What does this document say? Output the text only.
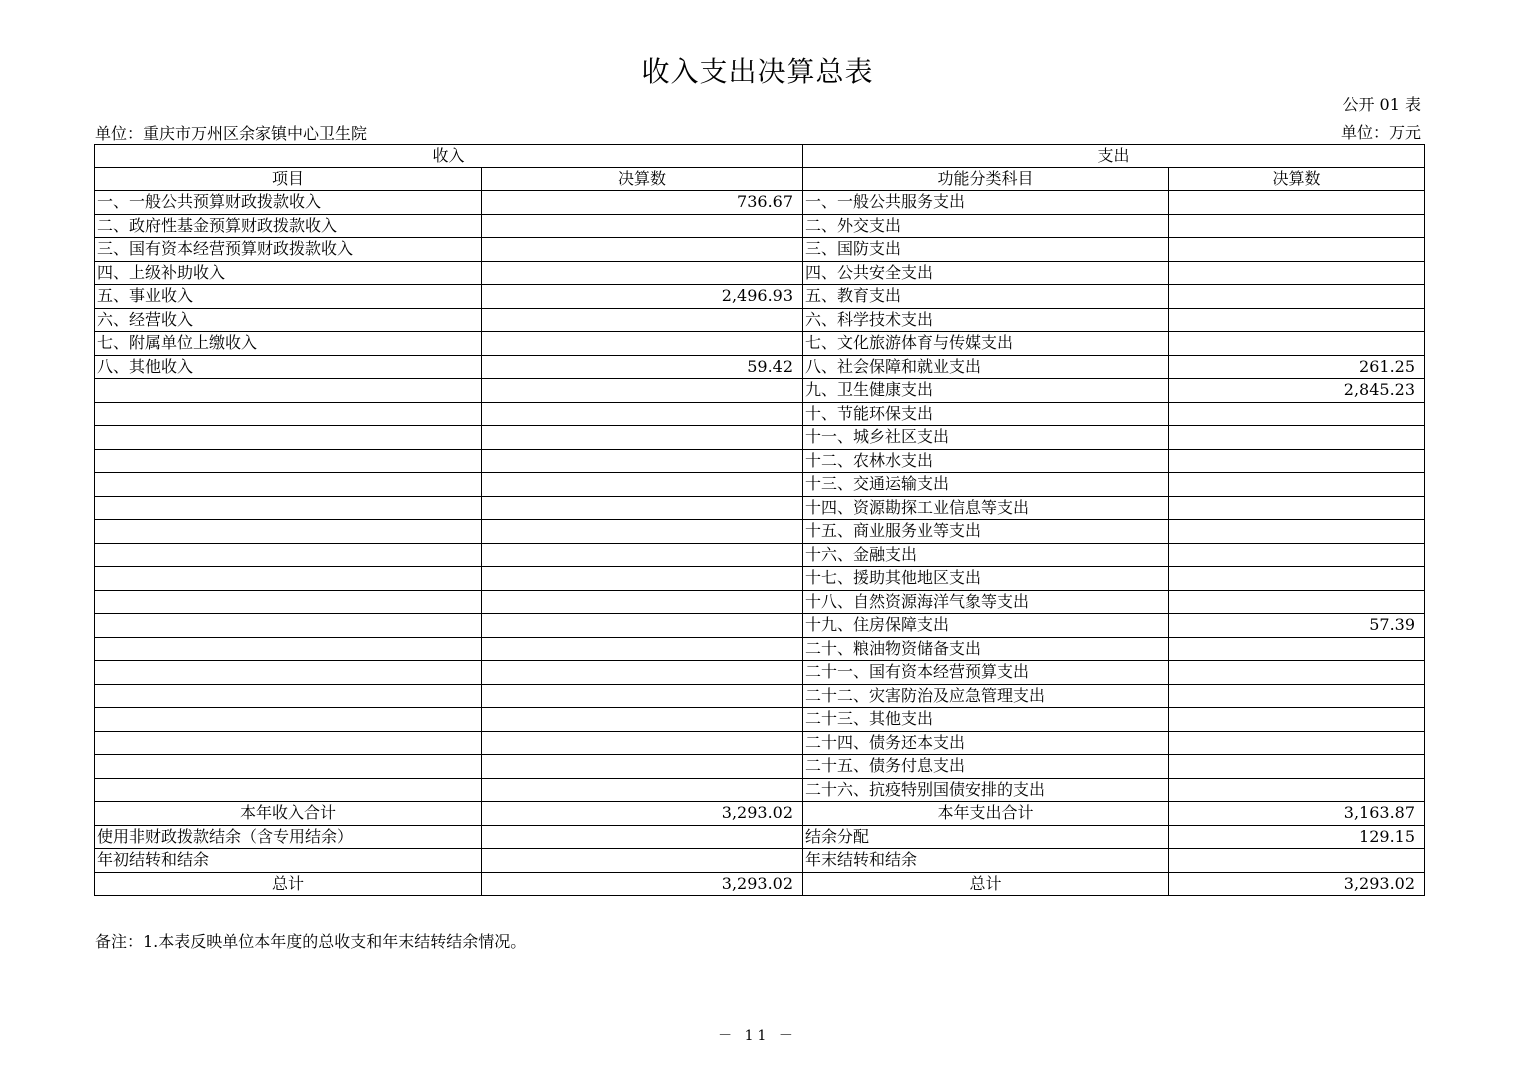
收入支出决算总表
公开 01 表
单位：重庆市万州区余家镇中心卫生院	单位：万元
收入		支出	
项目	决算数	功能分类科目	决算数
一、一般公共预算财政拨款收入	736.67	一、一般公共服务支出	
二、政府性基金预算财政拨款收入		二、外交支出	
三、国有资本经营预算财政拨款收入		三、国防支出	
四、上级补助收入		四、公共安全支出	
五、事业收入	2,496.93	五、教育支出	
六、经营收入		六、科学技术支出	
七、附属单位上缴收入		七、文化旅游体育与传媒支出	
八、其他收入	59.42	八、社会保障和就业支出	261.25
		九、卫生健康支出	2,845.23
		十、节能环保支出	
		十一、城乡社区支出	
		十二、农林水支出	
		十三、交通运输支出	
		十四、资源勘探工业信息等支出	
		十五、商业服务业等支出	
		十六、金融支出	
		十七、援助其他地区支出	
		十八、自然资源海洋气象等支出	
		十九、住房保障支出	57.39
		二十、粮油物资储备支出	
		二十一、国有资本经营预算支出	
		二十二、灾害防治及应急管理支出	
		二十三、其他支出	
		二十四、债务还本支出	
		二十五、债务付息支出	
		二十六、抗疫特别国债安排的支出	
本年收入合计	3,293.02	本年支出合计	3,163.87
使用非财政拨款结余（含专用结余）		结余分配	129.15
年初结转和结余		年末结转和结余	
总计	3,293.02	总计	3,293.02
备注：1.本表反映单位本年度的总收支和年末结转结余情况。
－ 11 －
